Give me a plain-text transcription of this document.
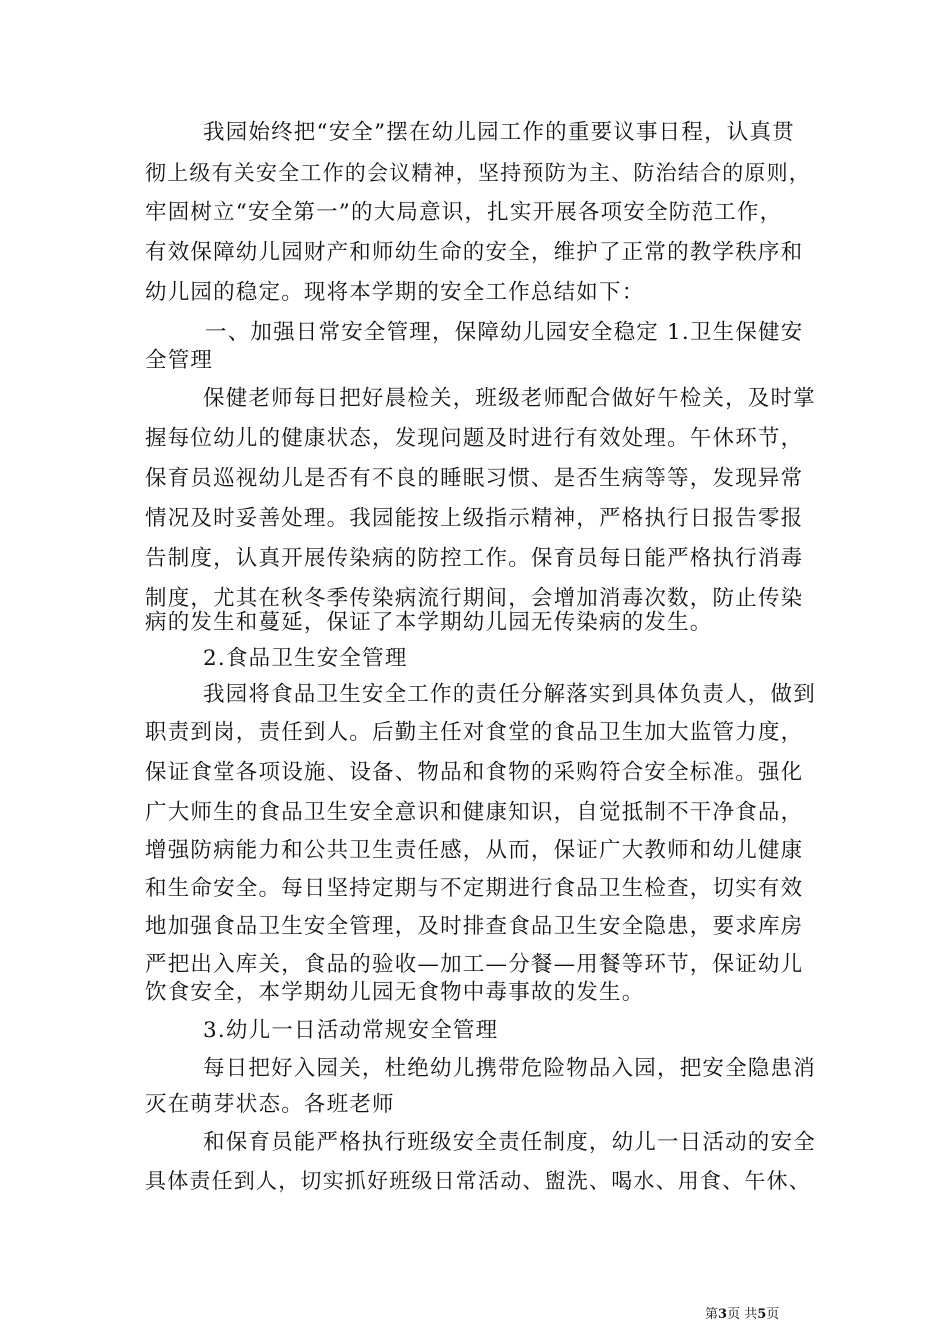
我园始终把“安全”摆在幼儿园工作的重要议事日程，认真贯
彻上级有关安全工作的会议精神，坚持预防为主、防治结合的原则，
牢固树立“安全第一”的大局意识，扎实开展各项安全防范工作，
有效保障幼儿园财产和师幼生命的安全，维护了正常的教学秩序和
幼儿园的稳定。现将本学期的安全工作总结如下：
一、加强日常安全管理，保障幼儿园安全稳定 1.卫生保健安
全管理
保健老师每日把好晨检关，班级老师配合做好午检关，及时掌
握每位幼儿的健康状态，发现问题及时进行有效处理。午休环节，
保育员巡视幼儿是否有不良的睡眠习惯、是否生病等等，发现异常
情况及时妥善处理。我园能按上级指示精神，严格执行日报告零报
告制度，认真开展传染病的防控工作。保育员每日能严格执行消毒
制度，尤其在秋冬季传染病流行期间，会增加消毒次数，防止传染
病的发生和蔓延，保证了本学期幼儿园无传染病的发生。
2.食品卫生安全管理
我园将食品卫生安全工作的责任分解落实到具体负责人，做到
职责到岗，责任到人。后勤主任对食堂的食品卫生加大监管力度，
保证食堂各项设施、设备、物品和食物的采购符合安全标准。强化
广大师生的食品卫生安全意识和健康知识，自觉抵制不干净食品，
增强防病能力和公共卫生责任感，从而，保证广大教师和幼儿健康
和生命安全。每日坚持定期与不定期进行食品卫生检查，切实有效
地加强食品卫生安全管理，及时排查食品卫生安全隐患，要求库房
严把出入库关，食品的验收—加工—分餐—用餐等环节，保证幼儿
饮食安全，本学期幼儿园无食物中毒事故的发生。
3.幼儿一日活动常规安全管理
每日把好入园关，杜绝幼儿携带危险物品入园，把安全隐患消
灭在萌芽状态。各班老师
和保育员能严格执行班级安全责任制度，幼儿一日活动的安全
具体责任到人，切实抓好班级日常活动、盥洗、喝水、用食、午休、
第3页 共5页
